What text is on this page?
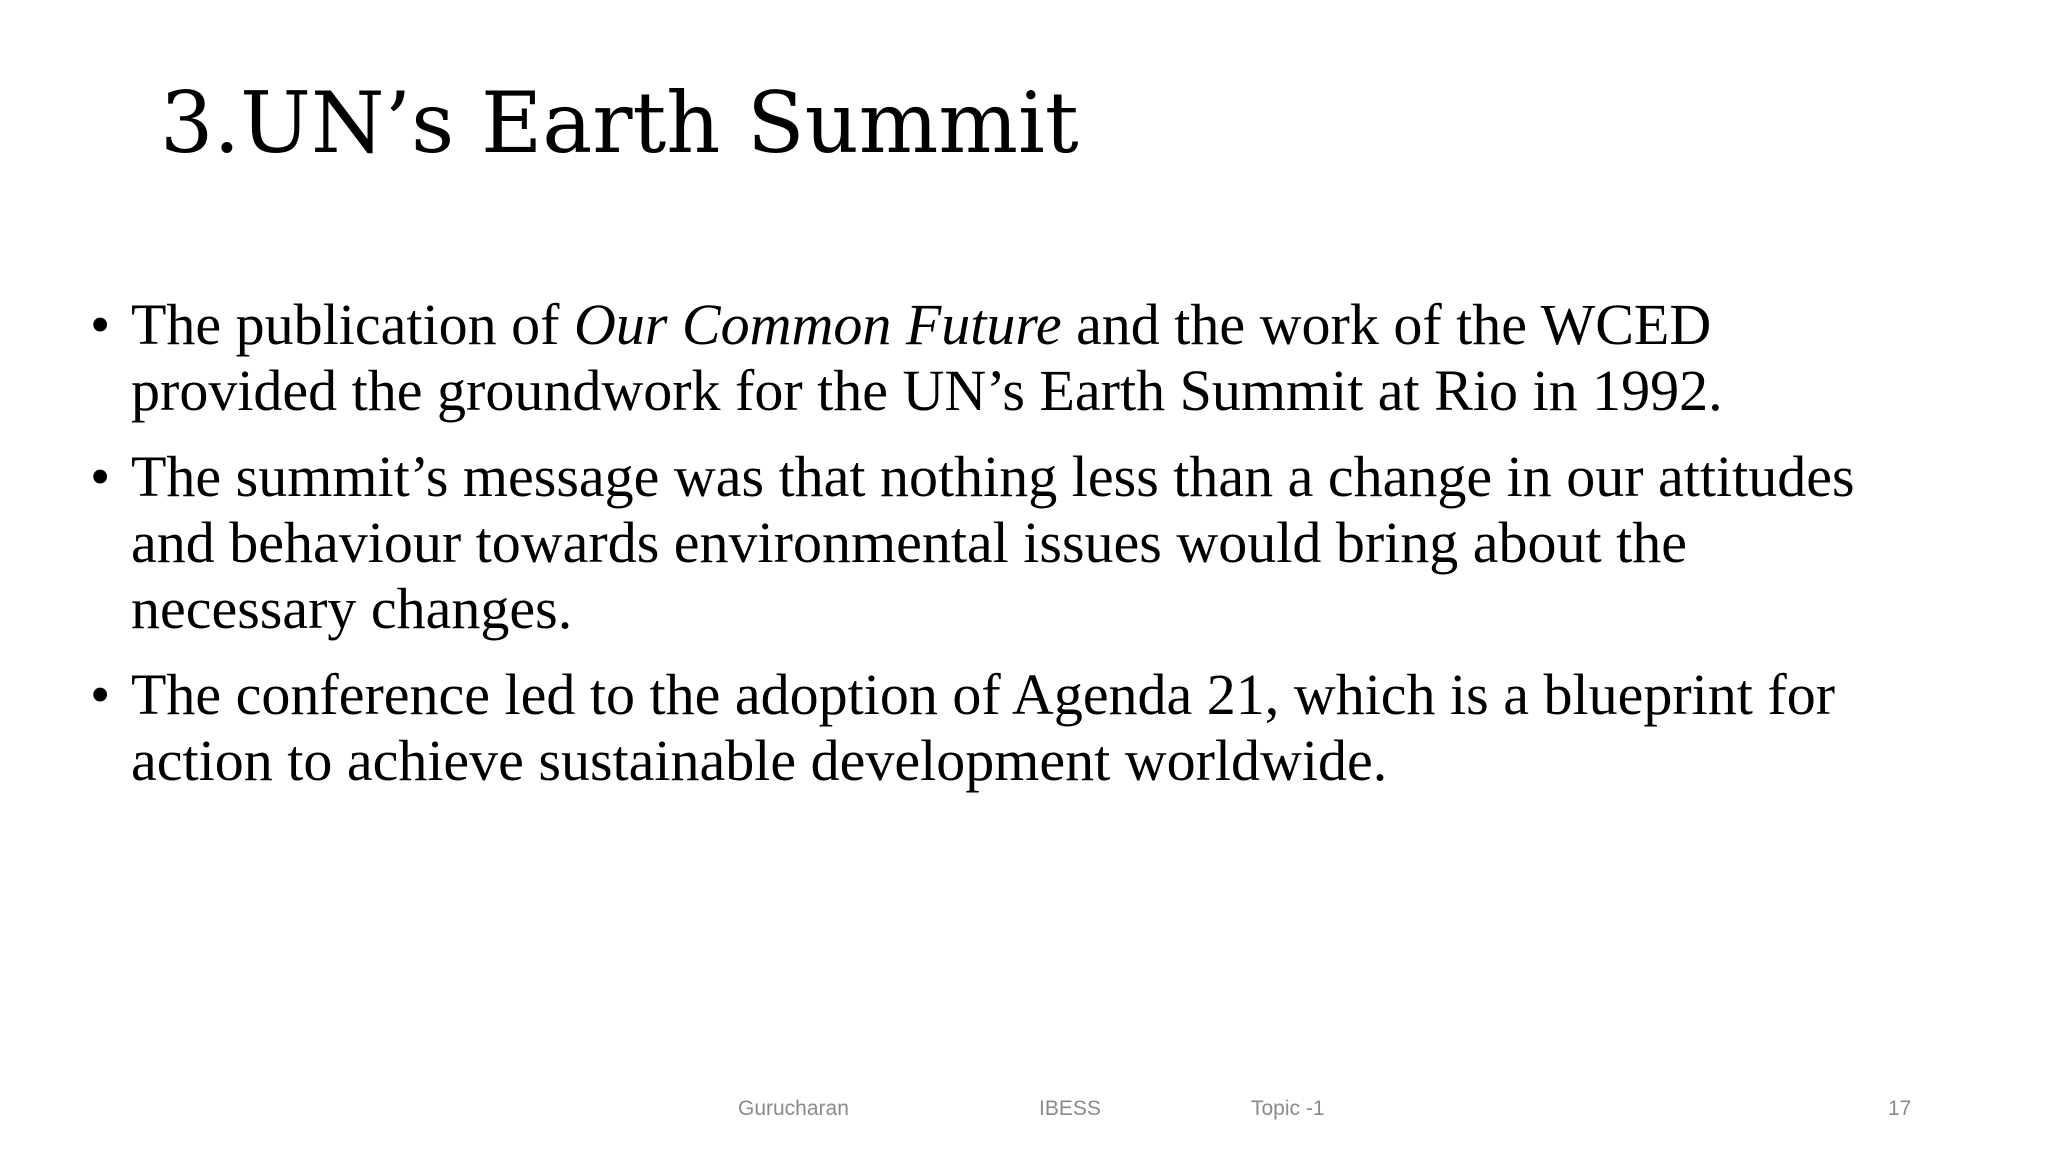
3.UN’s Earth Summit
• The publication of Our Common Future and the work of the WCED provided the groundwork for the UN’s Earth Summit at Rio in 1992.
• The summit’s message was that nothing less than a change in our attitudes and behaviour towards environmental issues would bring about the necessary changes.
• The conference led to the adoption of Agenda 21, which is a blueprint for action to achieve sustainable development worldwide.
Gurucharan	IBESS	Topic -1	17
